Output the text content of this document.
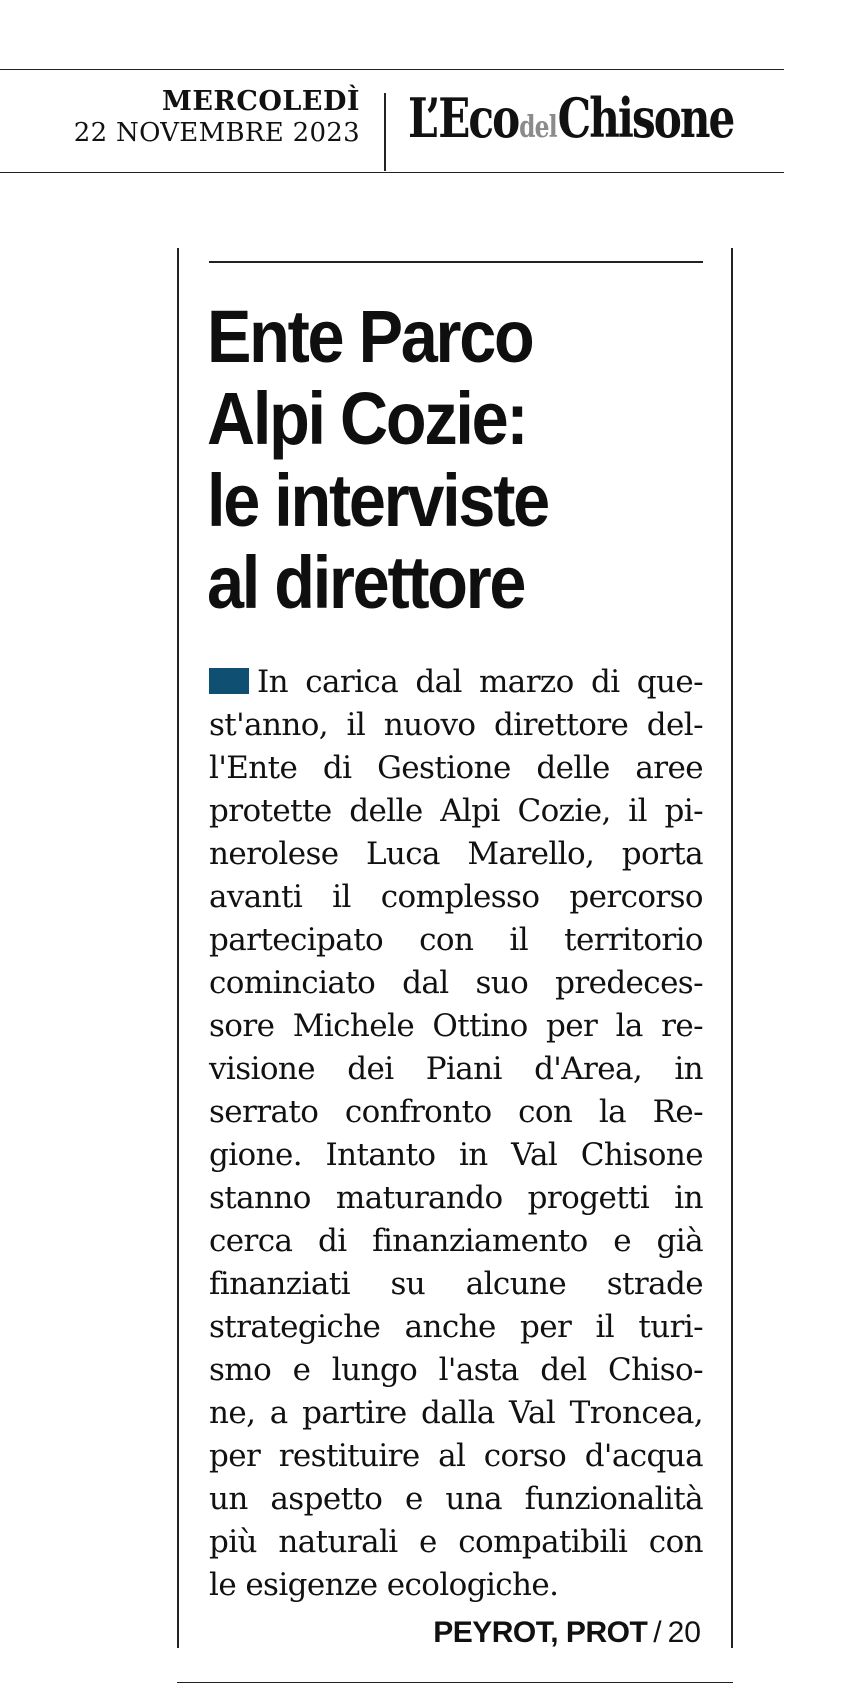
MERCOLEDÌ
22 NOVEMBRE 2023 L’Eco del Chisone
Ente Parco
Alpi Cozie:
le interviste
al direttore
In carica dal marzo di que-
st'anno, il nuovo direttore del-
l'Ente di Gestione delle aree
protette delle Alpi Cozie, il pi-
nerolese Luca Marello, porta
avanti il complesso percorso
partecipato con il territorio
cominciato dal suo predeces-
sore Michele Ottino per la re-
visione dei Piani d'Area, in
serrato confronto con la Re-
gione. Intanto in Val Chisone
stanno maturando progetti in
cerca di finanziamento e già
finanziati su alcune strade
strategiche anche per il turi-
smo e lungo l'asta del Chiso-
ne, a partire dalla Val Troncea,
per restituire al corso d'acqua
un aspetto e una funzionalità
più naturali e compatibili con
le esigenze ecologiche.
PEYROT, PROT / 20
